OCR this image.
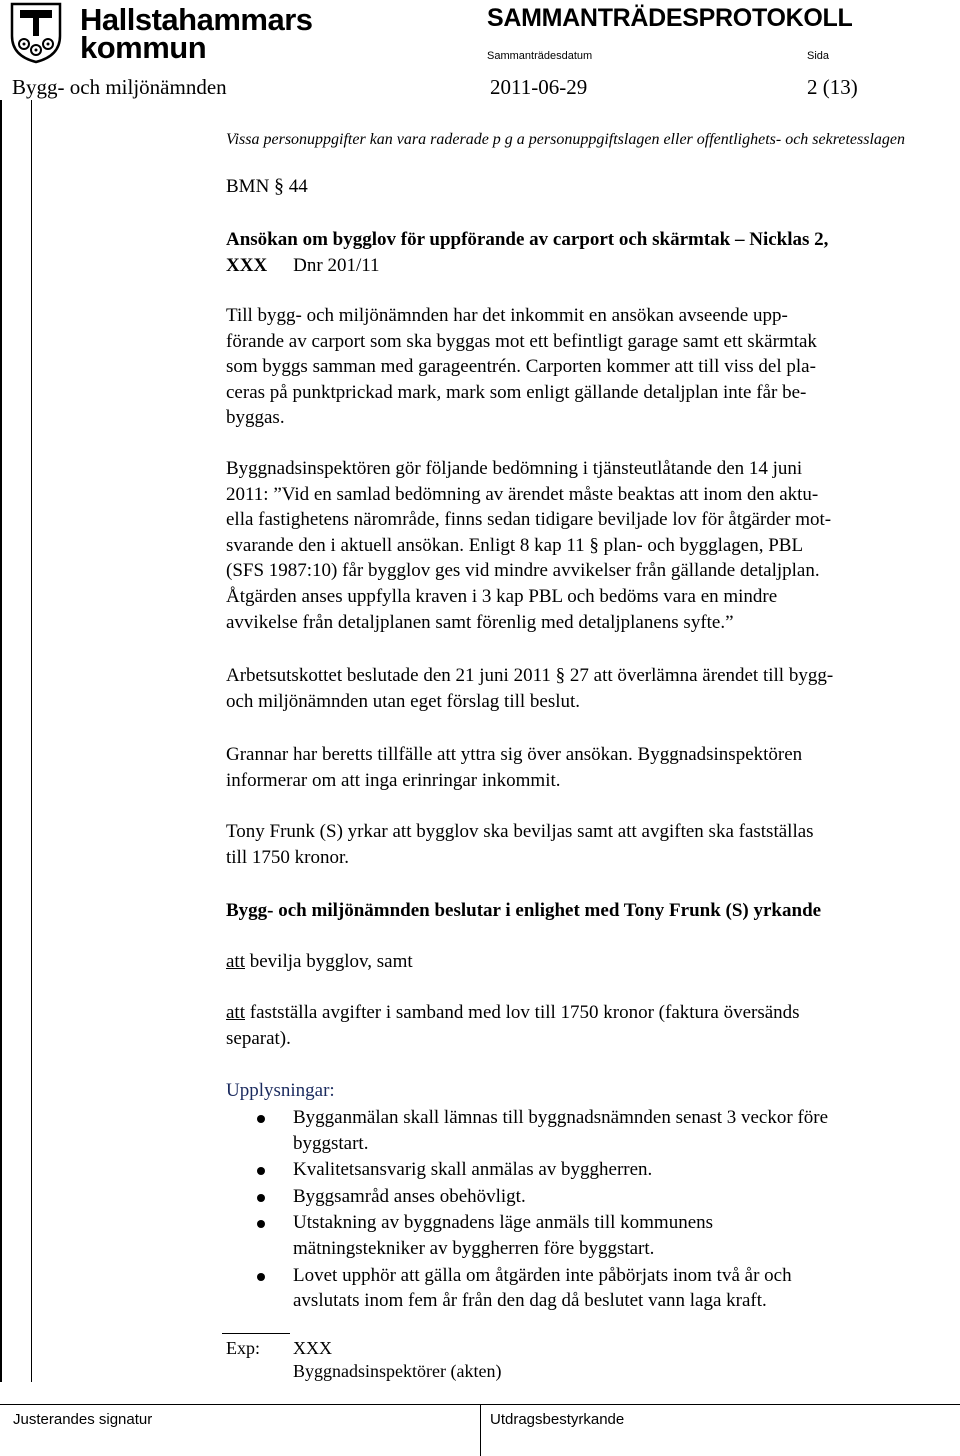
Hallstahammars
kommun
SAMMANTRÄDESPROTOKOLL
Sammanträdesdatum	Sida
Bygg- och miljönämnden	2011-06-29	2 (13)
Vissa personuppgifter kan vara raderade p g a personuppgiftslagen eller offentlighets- och sekretesslagen
BMN § 44
Ansökan om bygglov för uppförande av carport och skärmtak – Nicklas 2,
XXX Dnr 201/11
Till bygg- och miljönämnden har det inkommit en ansökan avseende upp-
förande av carport som ska byggas mot ett befintligt garage samt ett skärmtak
som byggs samman med garageentrén. Carporten kommer att till viss del pla-
ceras på punktprickad mark, mark som enligt gällande detaljplan inte får be-
byggas.
Byggnadsinspektören gör följande bedömning i tjänsteutlåtande den 14 juni
2011: ”Vid en samlad bedömning av ärendet måste beaktas att inom den aktu-
ella fastighetens närområde, finns sedan tidigare beviljade lov för åtgärder mot-
svarande den i aktuell ansökan. Enligt 8 kap 11 § plan- och bygglagen, PBL
(SFS 1987:10) får bygglov ges vid mindre avvikelser från gällande detaljplan.
Åtgärden anses uppfylla kraven i 3 kap PBL och bedöms vara en mindre
avvikelse från detaljplanen samt förenlig med detaljplanens syfte.”
Arbetsutskottet beslutade den 21 juni 2011 § 27 att överlämna ärendet till bygg-
och miljönämnden utan eget förslag till beslut.
Grannar har beretts tillfälle att yttra sig över ansökan. Byggnadsinspektören
informerar om att inga erinringar inkommit.
Tony Frunk (S) yrkar att bygglov ska beviljas samt att avgiften ska fastställas
till 1750 kronor.
Bygg- och miljönämnden beslutar i enlighet med Tony Frunk (S) yrkande
att bevilja bygglov, samt
att fastställa avgifter i samband med lov till 1750 kronor (faktura översänds
separat).
Upplysningar:
Bygganmälan skall lämnas till byggnadsnämnden senast 3 veckor före
byggstart.
Kvalitetsansvarig skall anmälas av byggherren.
Byggsamråd anses obehövligt.
Utstakning av byggnadens läge anmäls till kommunens
mätningstekniker av byggherren före byggstart.
Lovet upphör att gälla om åtgärden inte påbörjats inom två år och
avslutats inom fem år från den dag då beslutet vann laga kraft.
Exp: XXX
Byggnadsinspektörer (akten)
Justerandes signatur	Utdragsbestyrkande
